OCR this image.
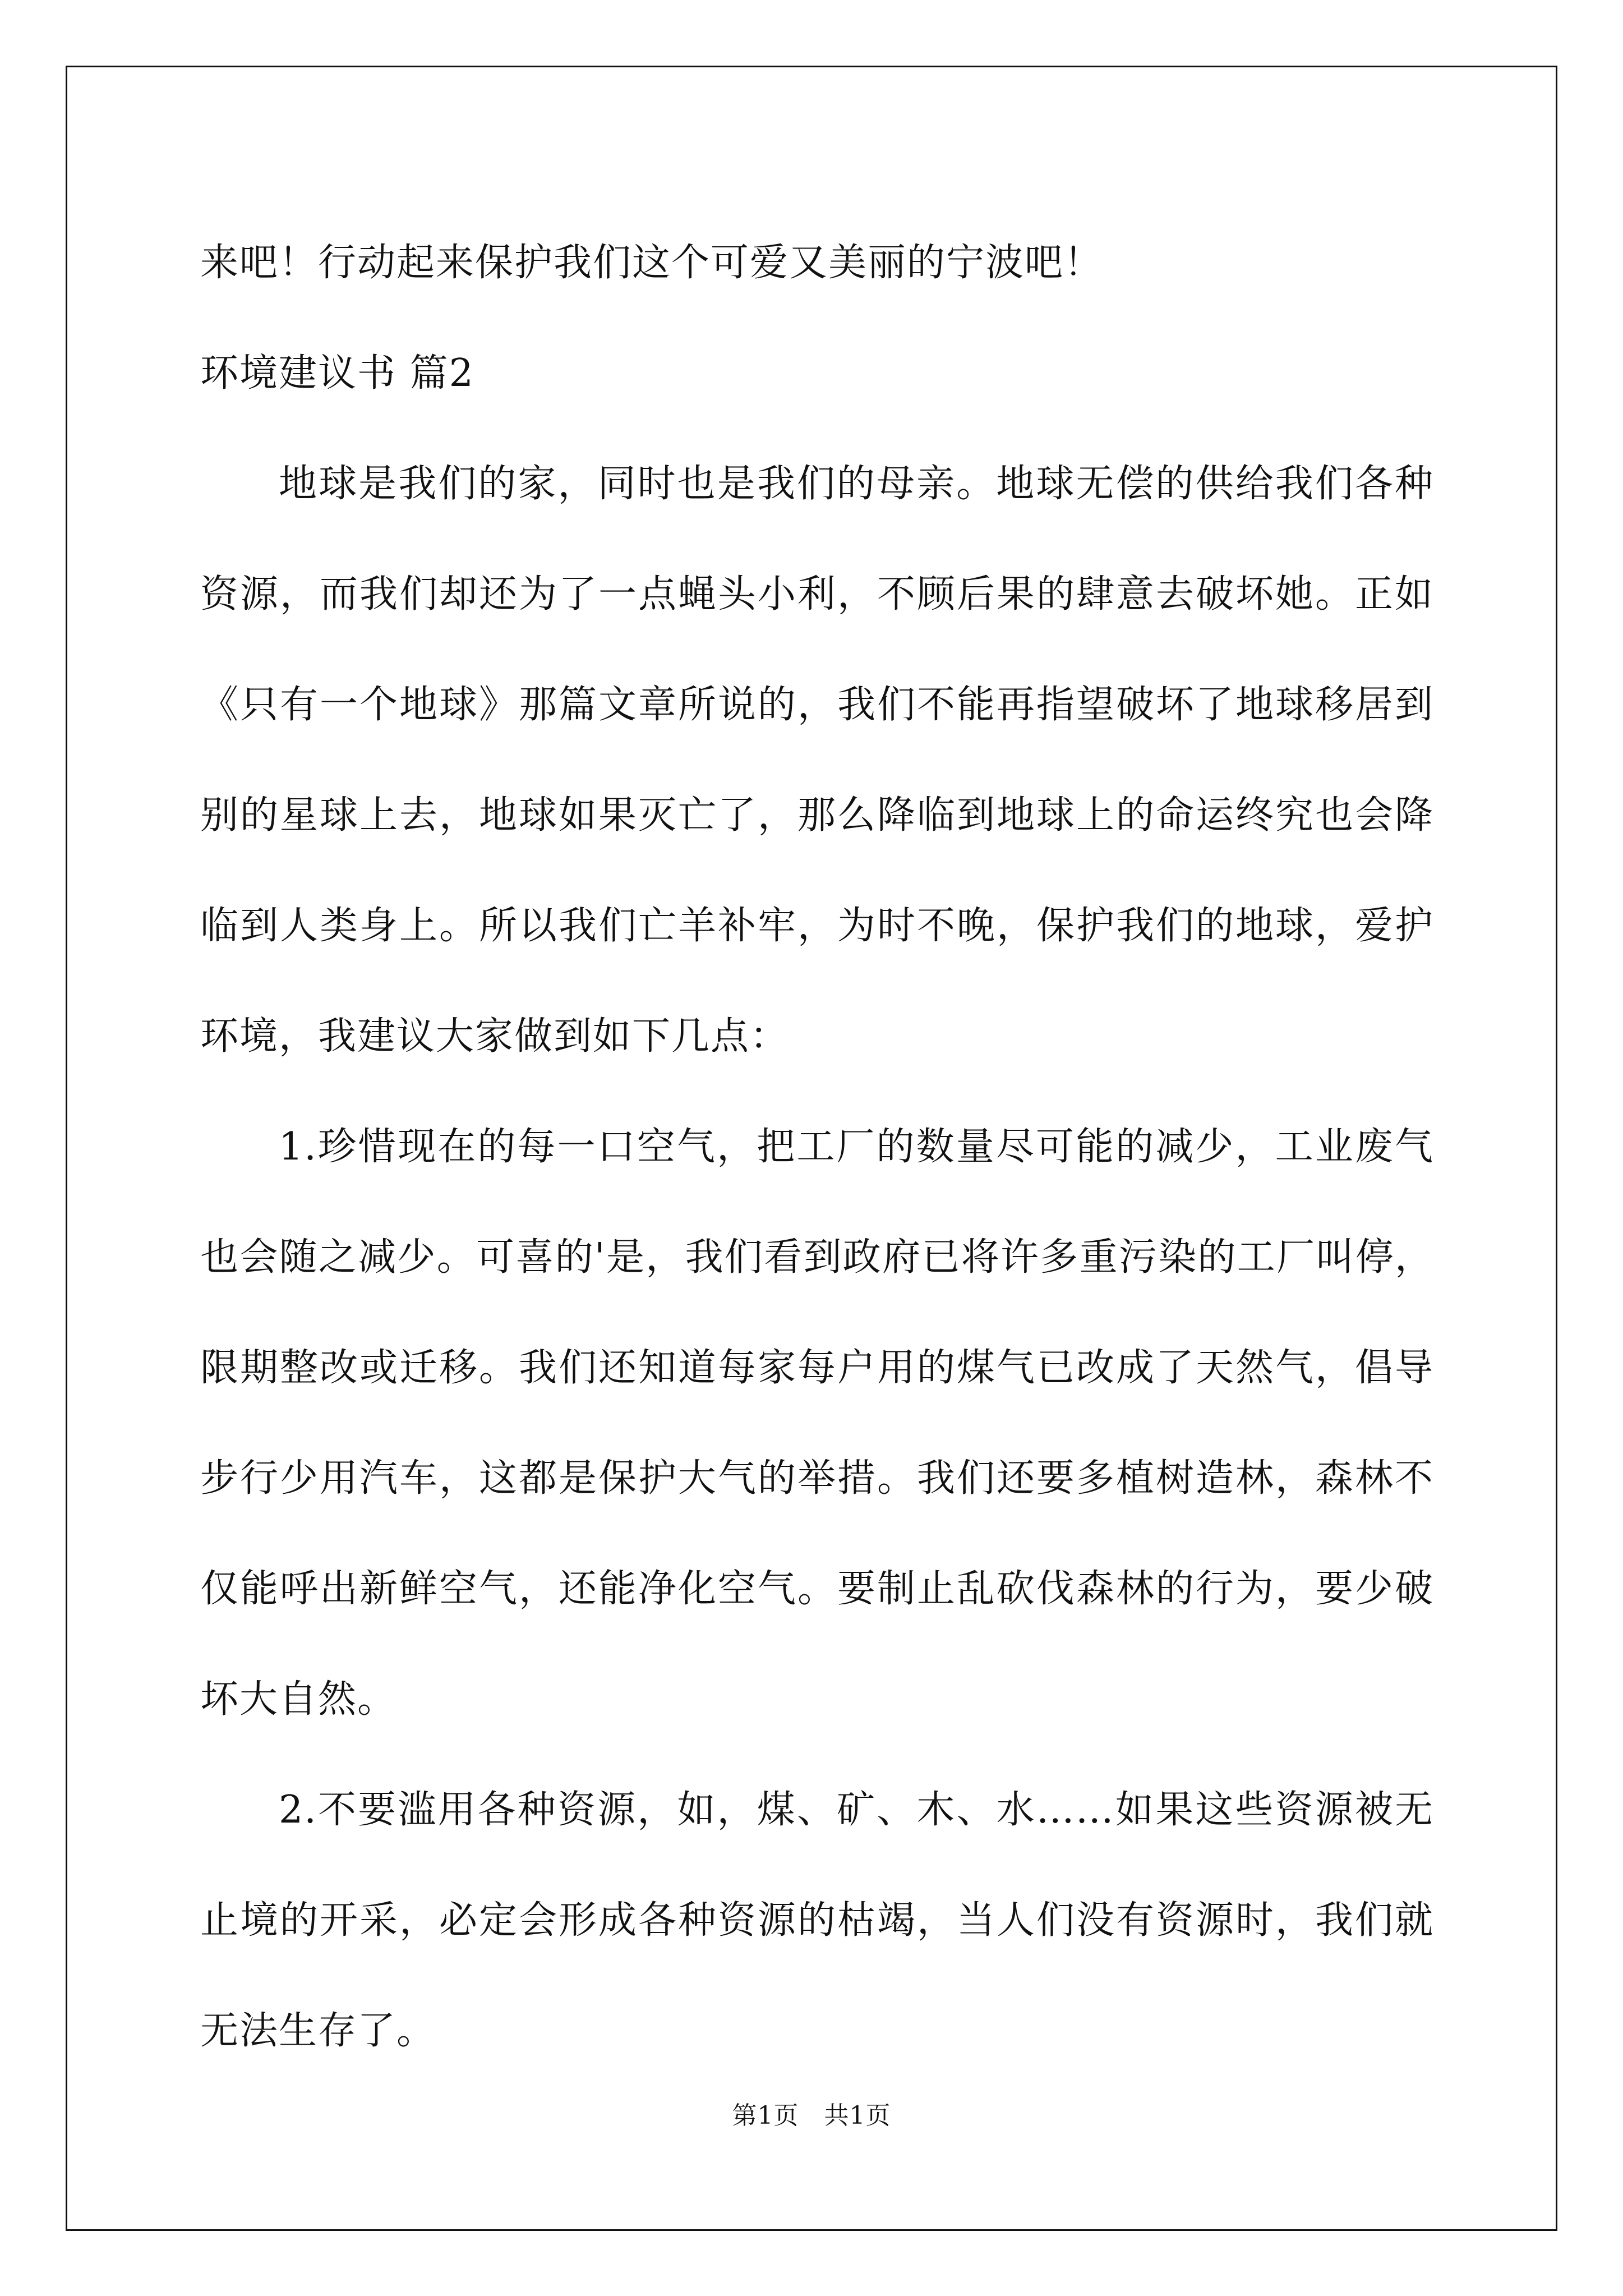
来吧！行动起来保护我们这个可爱又美丽的宁波吧！

环境建议书 篇2

地球是我们的家，同时也是我们的母亲。地球无偿的供给我们各种资源，而我们却还为了一点蝇头小利，不顾后果的肆意去破坏她。正如《只有一个地球》那篇文章所说的，我们不能再指望破坏了地球移居到别的星球上去，地球如果灭亡了，那么降临到地球上的命运终究也会降临到人类身上。所以我们亡羊补牢，为时不晚，保护我们的地球，爱护环境，我建议大家做到如下几点：

1.珍惜现在的每一口空气，把工厂的数量尽可能的减少，工业废气也会随之减少。可喜的'是，我们看到政府已将许多重污染的工厂叫停，限期整改或迁移。我们还知道每家每户用的煤气已改成了天然气，倡导步行少用汽车，这都是保护大气的举措。我们还要多植树造林，森林不仅能呼出新鲜空气，还能净化空气。要制止乱砍伐森林的行为，要少破坏大自然。

2.不要滥用各种资源，如，煤、矿、木、水……如果这些资源被无止境的开采，必定会形成各种资源的枯竭，当人们没有资源时，我们就无法生存了。

第1页　共1页
